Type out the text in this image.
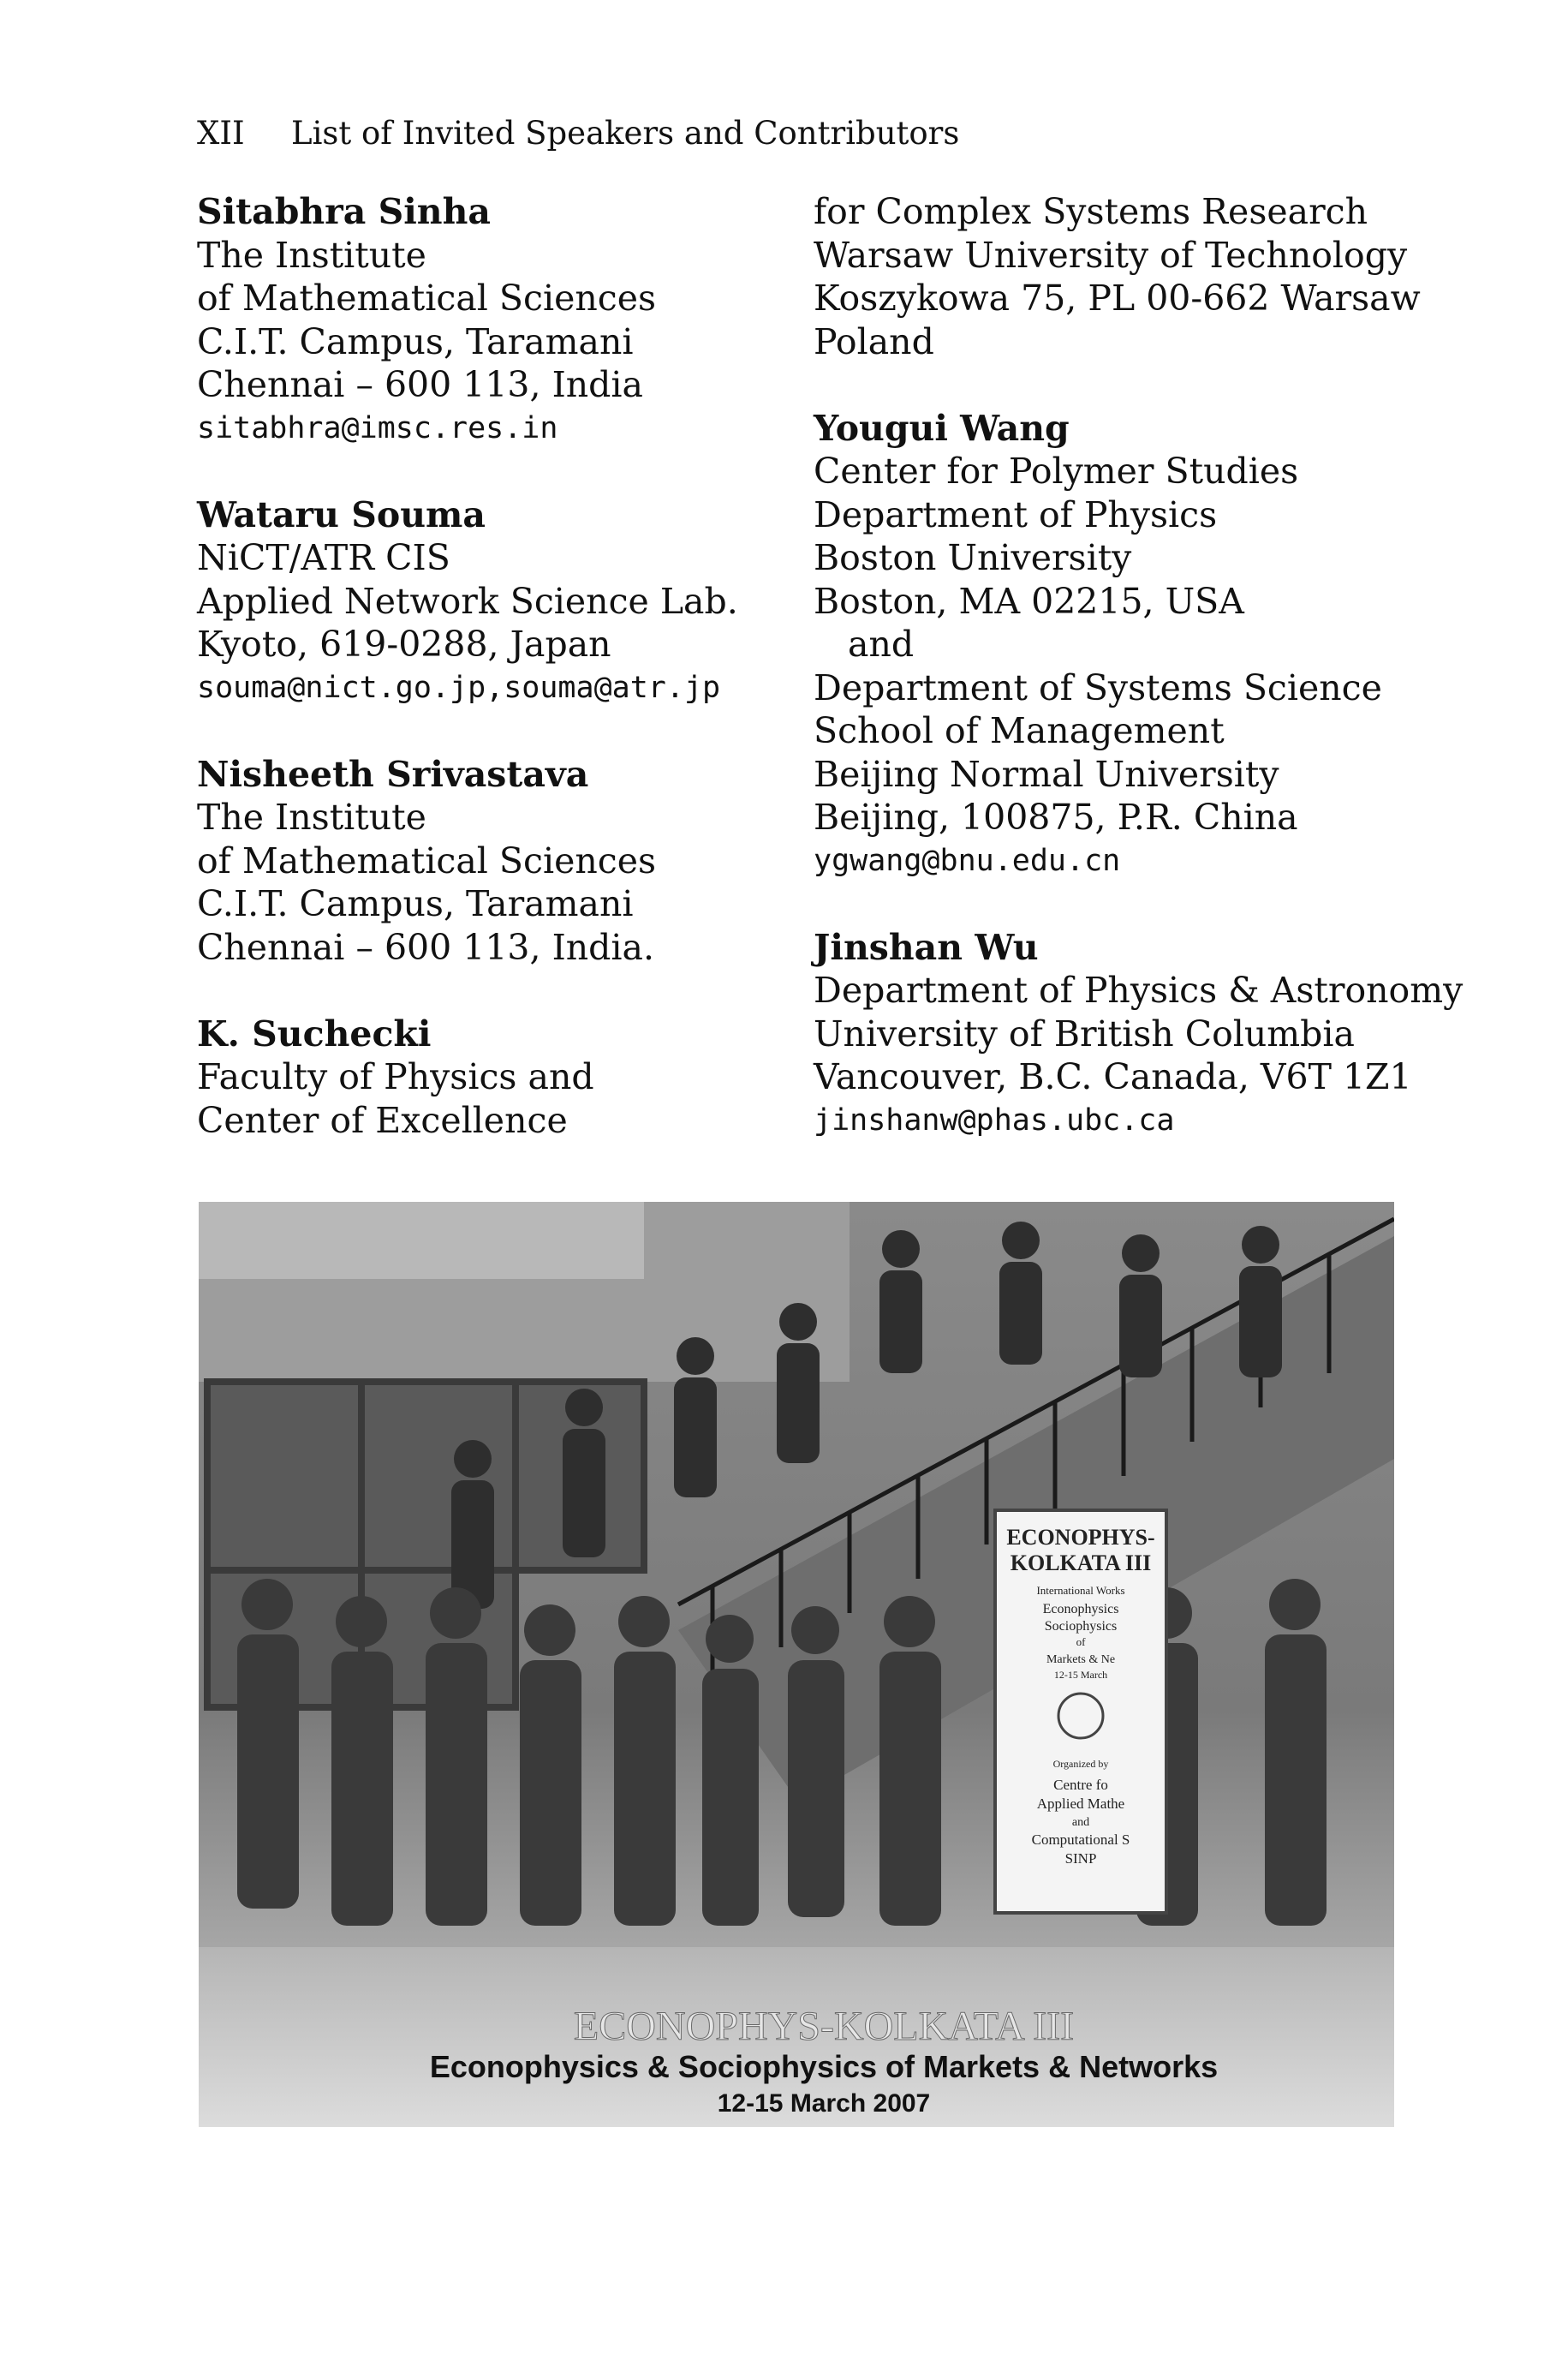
XII List of Invited Speakers and Contributors
Sitabhra Sinha
The Institute
of Mathematical Sciences
C.I.T. Campus, Taramani
Chennai – 600 113, India
sitabhra@imsc.res.in
Wataru Souma
NiCT/ATR CIS
Applied Network Science Lab.
Kyoto, 619-0288, Japan
souma@nict.go.jp,souma@atr.jp
Nisheeth Srivastava
The Institute
of Mathematical Sciences
C.I.T. Campus, Taramani
Chennai – 600 113, India.
K. Suchecki
Faculty of Physics and
Center of Excellence
for Complex Systems Research
Warsaw University of Technology
Koszykowa 75, PL 00-662 Warsaw
Poland
Yougui Wang
Center for Polymer Studies
Department of Physics
Boston University
Boston, MA 02215, USA
and
Department of Systems Science
School of Management
Beijing Normal University
Beijing, 100875, P.R. China
ygwang@bnu.edu.cn
Jinshan Wu
Department of Physics & Astronomy
University of British Columbia
Vancouver, B.C. Canada, V6T 1Z1
jinshanw@phas.ubc.ca
ECONOPHYS-
KOLKATA III
International Works
Econophysics
Sociophysics
of
Markets & Ne
12-15 March
Organized by
Centre fo
Applied Mathe
and
Computational S
SINP
ECONOPHYS-KOLKATA III
Econophysics & Sociophysics of Markets & Networks
12-15 March 2007
